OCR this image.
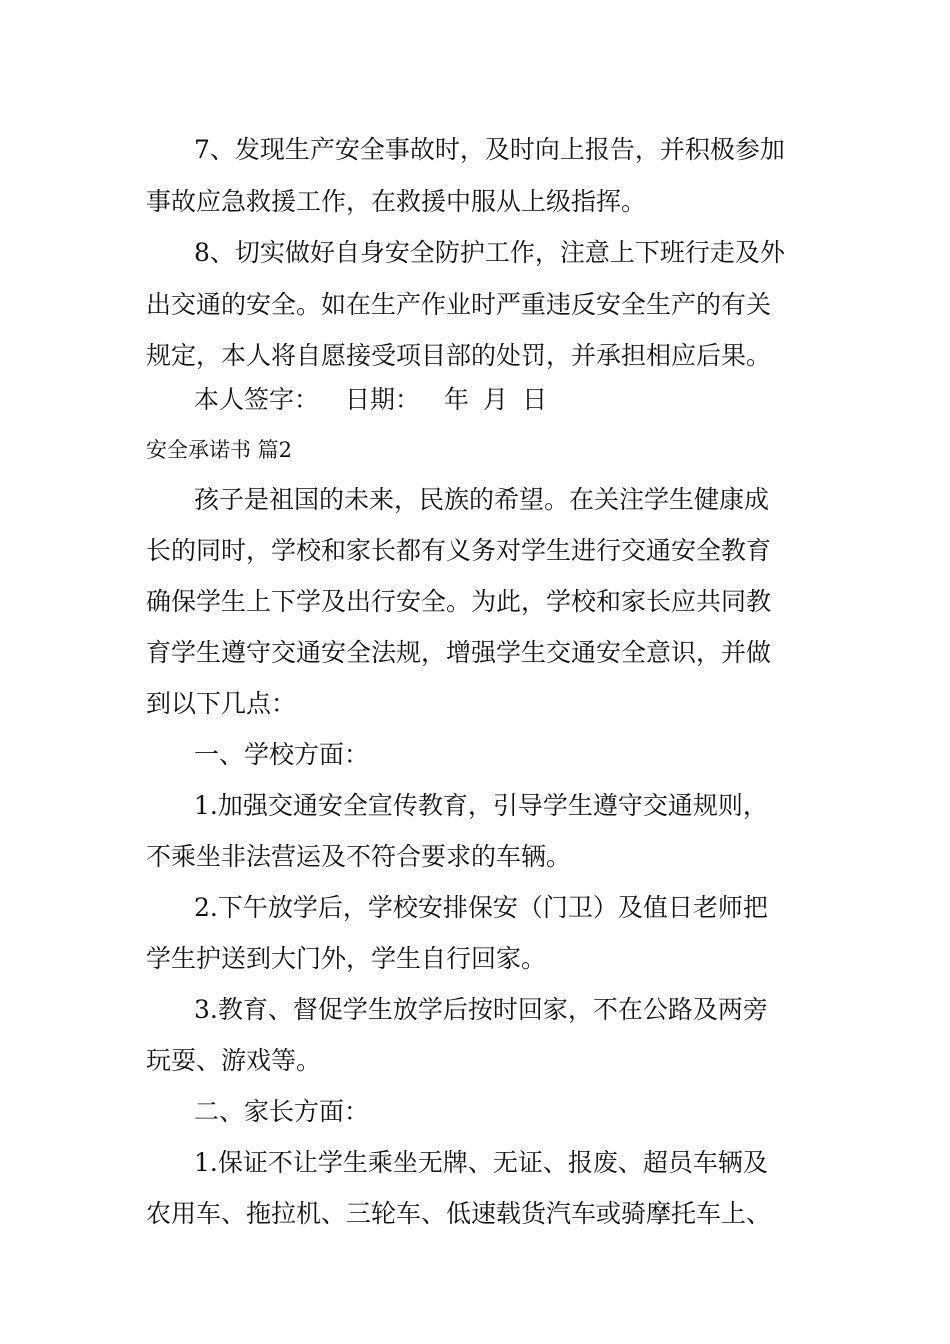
7、发现生产安全事故时，及时向上报告，并积极参加
事故应急救援工作，在救援中服从上级指挥。
8、切实做好自身安全防护工作，注意上下班行走及外
出交通的安全。如在生产作业时严重违反安全生产的有关
规定，本人将自愿接受项目部的处罚，并承担相应后果。
本人签字： 日期： 年 月 日
安全承诺书 篇2
孩子是祖国的未来，民族的希望。在关注学生健康成
长的同时，学校和家长都有义务对学生进行交通安全教育
确保学生上下学及出行安全。为此，学校和家长应共同教
育学生遵守交通安全法规，增强学生交通安全意识，并做
到以下几点：
一、学校方面：
1.加强交通安全宣传教育，引导学生遵守交通规则，
不乘坐非法营运及不符合要求的车辆。
2.下午放学后，学校安排保安（门卫）及值日老师把
学生护送到大门外，学生自行回家。
3.教育、督促学生放学后按时回家，不在公路及两旁
玩耍、游戏等。
二、家长方面：
1.保证不让学生乘坐无牌、无证、报废、超员车辆及
农用车、拖拉机、三轮车、低速载货汽车或骑摩托车上、
